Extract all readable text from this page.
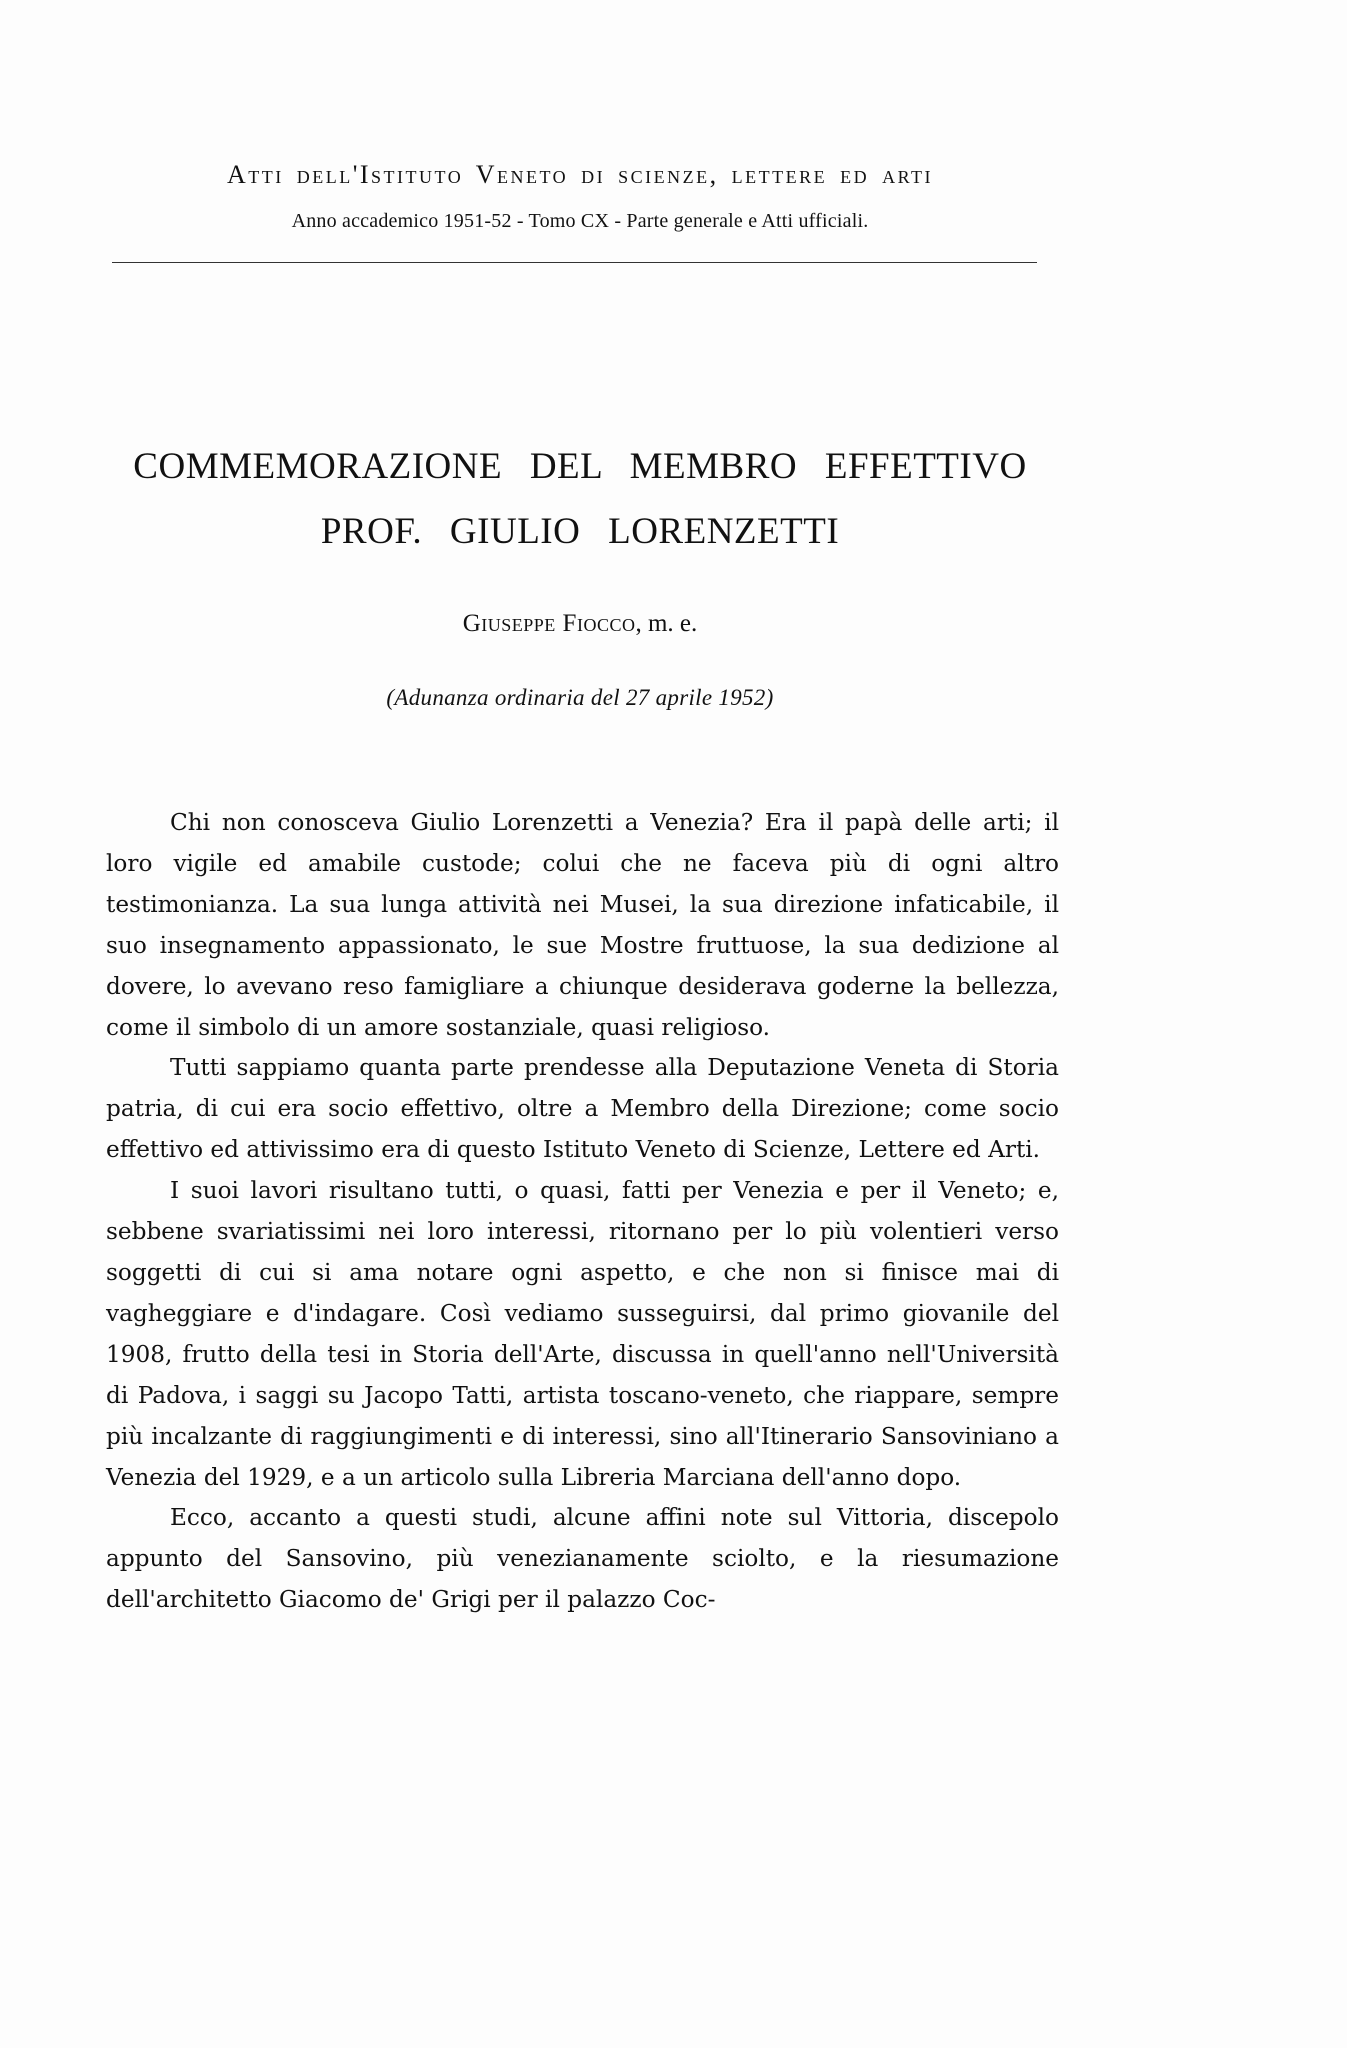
Atti dell'Istituto Veneto di scienze, lettere ed arti
Anno accademico 1951-52 - Tomo CX - Parte generale e Atti ufficiali.
COMMEMORAZIONE DEL MEMBRO EFFETTIVO
PROF. GIULIO LORENZETTI
Giuseppe Fiocco, m. e.
(Adunanza ordinaria del 27 aprile 1952)

Chi non conosceva Giulio Lorenzetti a Venezia? Era il papà delle arti; il loro vigile ed amabile custode; colui che ne faceva più di ogni altro testimonianza. La sua lunga attività nei Musei, la sua direzione infaticabile, il suo insegnamento appassionato, le sue Mostre fruttuose, la sua dedizione al dovere, lo avevano reso famigliare a chiunque desiderava goderne la bellezza, come il simbolo di un amore sostanziale, quasi religioso.

Tutti sappiamo quanta parte prendesse alla Deputazione Veneta di Storia patria, di cui era socio effettivo, oltre a Membro della Direzione; come socio effettivo ed attivissimo era di questo Istituto Veneto di Scienze, Lettere ed Arti.

I suoi lavori risultano tutti, o quasi, fatti per Venezia e per il Veneto; e, sebbene svariatissimi nei loro interessi, ritornano per lo più volentieri verso soggetti di cui si ama notare ogni aspetto, e che non si finisce mai di vagheggiare e d'indagare. Così vediamo susseguirsi, dal primo giovanile del 1908, frutto della tesi in Storia dell'Arte, discussa in quell'anno nell'Università di Padova, i saggi su Jacopo Tatti, artista toscano-veneto, che riappare, sempre più incalzante di raggiungimenti e di interessi, sino all'Itinerario Sansoviniano a Venezia del 1929, e a un articolo sulla Libreria Marciana dell'anno dopo.

Ecco, accanto a questi studi, alcune affini note sul Vittoria, discepolo appunto del Sansovino, più venezianamente sciolto, e la riesumazione dell'architetto Giacomo de' Grigi per il palazzo Coc-
